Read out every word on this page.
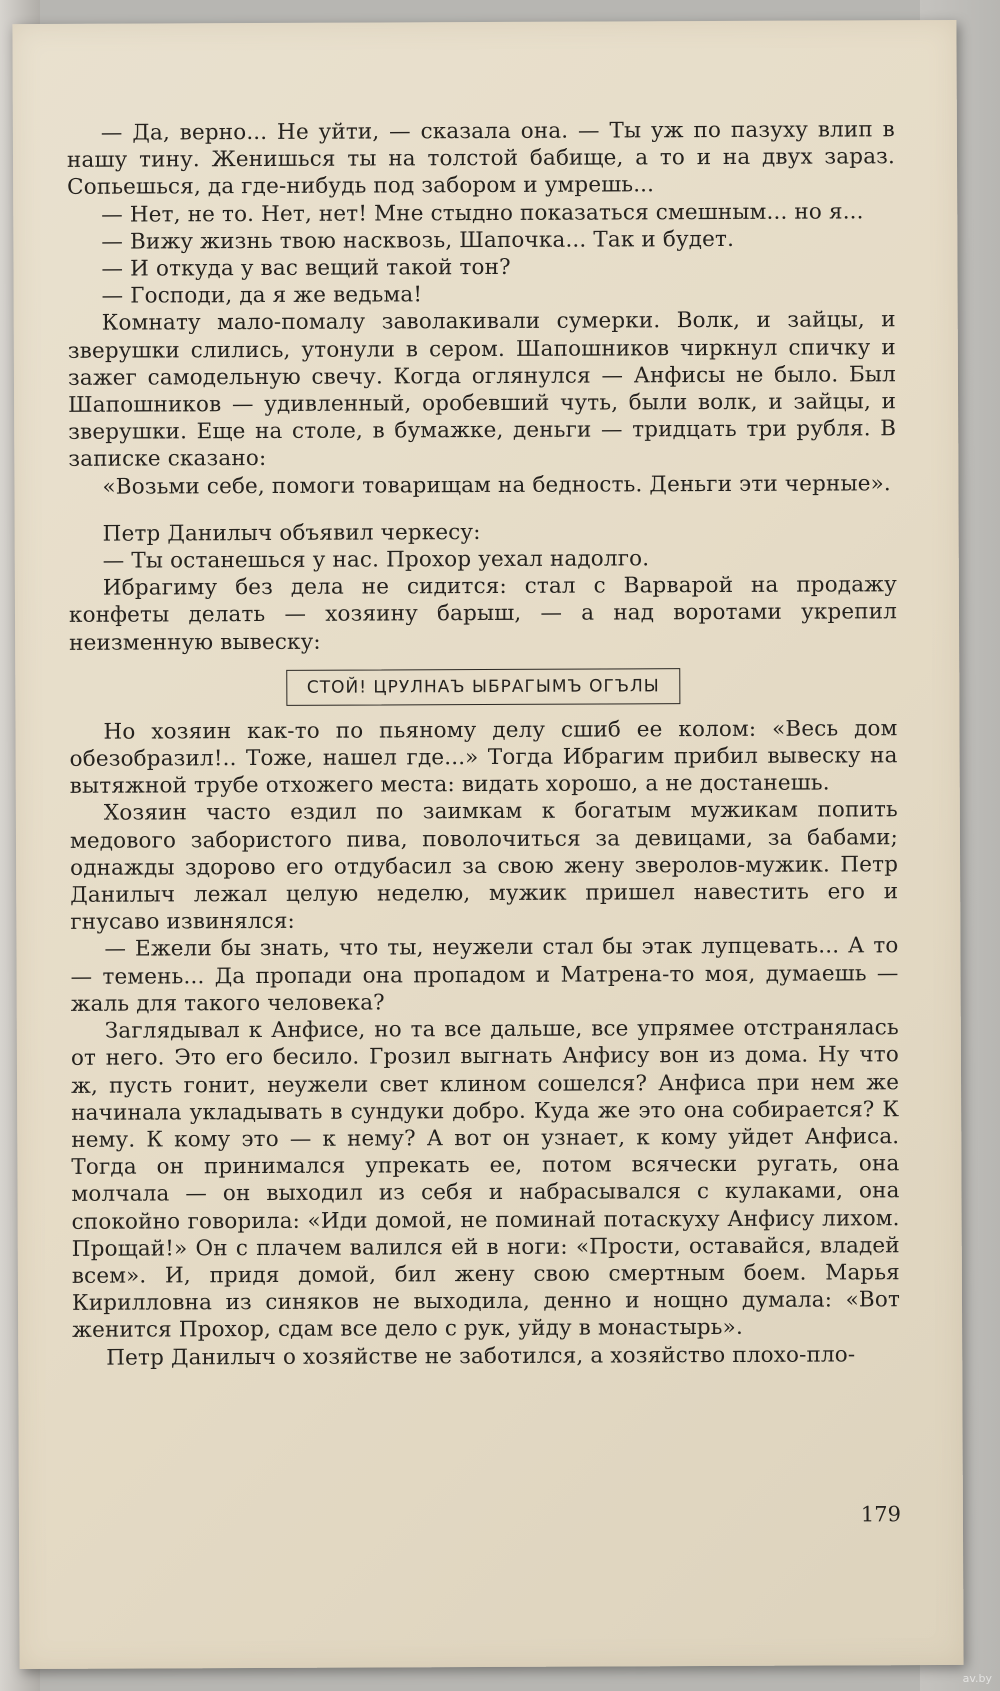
— Да, верно... Не уйти, — сказала она. — Ты уж по пазуху влип в нашу тину. Женишься ты на толстой бабище, а то и на двух зараз. Сопьешься, да где-нибудь под забором и умрешь...

— Нет, не то. Нет, нет! Мне стыдно показаться смешным... но я...

— Вижу жизнь твою насквозь, Шапочка... Так и будет.

— И откуда у вас вещий такой тон?

— Господи, да я же ведьма!

Комнату мало-помалу заволакивали сумерки. Волк, и зайцы, и зверушки слились, утонули в сером. Шапошников чиркнул спичку и зажег самодельную свечу. Когда оглянулся — Анфисы не было. Был Шапошников — удивленный, оробевший чуть, были волк, и зайцы, и зверушки. Еще на столе, в бумажке, деньги — тридцать три рубля. В записке сказано:

«Возьми себе, помоги товарищам на бедность. Деньги эти черные».

Петр Данилыч объявил черкесу:

— Ты останешься у нас. Прохор уехал надолго.

Ибрагиму без дела не сидится: стал с Варварой на продажу конфеты делать — хозяину барыш, — а над воротами укрепил неизменную вывеску:

СТОЙ! ЦРУЛНАЪ ЫБРАГЫМЪ ОГЪЛЫ

Но хозяин как-то по пьяному делу сшиб ее колом: «Весь дом обезобразил!.. Тоже, нашел где...» Тогда Ибрагим прибил вывеску на вытяжной трубе отхожего места: видать хорошо, а не достанешь.

Хозяин часто ездил по заимкам к богатым мужикам попить медового забористого пива, поволочиться за девицами, за бабами; однажды здорово его отдубасил за свою жену зверолов-мужик. Петр Данилыч лежал целую неделю, мужик пришел навестить его и гнусаво извинялся:

— Ежели бы знать, что ты, неужели стал бы этак лупцевать... А то — темень... Да пропади она пропадом и Матрена-то моя, думаешь — жаль для такого человека?

Заглядывал к Анфисе, но та все дальше, все упрямее отстранялась от него. Это его бесило. Грозил выгнать Анфису вон из дома. Ну что ж, пусть гонит, неужели свет клином сошелся? Анфиса при нем же начинала укладывать в сундуки добро. Куда же это она собирается? К нему. К кому это — к нему? А вот он узнает, к кому уйдет Анфиса. Тогда он принимался упрекать ее, потом всячески ругать, она молчала — он выходил из себя и набрасывался с кулаками, она спокойно говорила: «Иди домой, не поминай потаскуху Анфису лихом. Прощай!» Он с плачем валился ей в ноги: «Прости, оставайся, владей всем». И, придя домой, бил жену свою смертным боем. Марья Кирилловна из синяков не выходила, денно и нощно думала: «Вот женится Прохор, сдам все дело с рук, уйду в монастырь».

Петр Данилыч о хозяйстве не заботился, а хозяйство плохо-пло-

179
av.by
